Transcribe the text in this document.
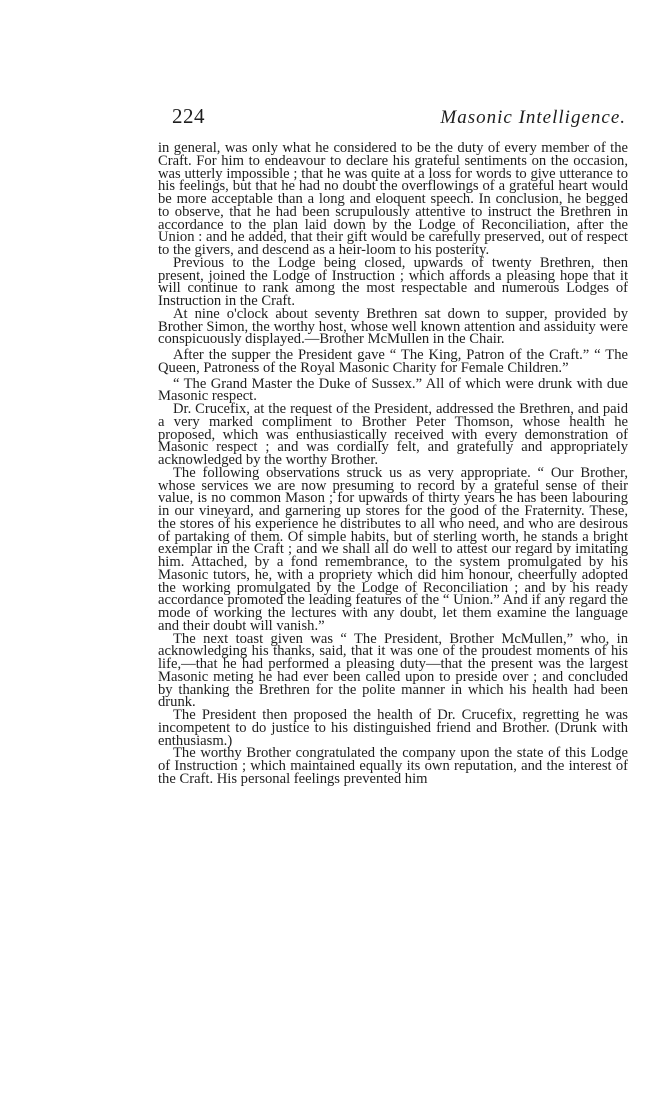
224	Masonic Intelligence.

in general, was only what he considered to be the duty of every member of the Craft. For him to endeavour to declare his grateful sentiments on the occasion, was utterly impossible ; that he was quite at a loss for words to give utterance to his feelings, but that he had no doubt the overflowings of a grateful heart would be more acceptable than a long and eloquent speech. In conclusion, he begged to observe, that he had been scrupulously attentive to instruct the Brethren in accordance to the plan laid down by the Lodge of Reconciliation, after the Union : and he added, that their gift would be carefully preserved, out of respect to the givers, and descend as a heir-loom to his posterity.

Previous to the Lodge being closed, upwards of twenty Brethren, then present, joined the Lodge of Instruction ; which affords a pleasing hope that it will continue to rank among the most respectable and numerous Lodges of Instruction in the Craft.

At nine o'clock about seventy Brethren sat down to supper, provided by Brother Simon, the worthy host, whose well known attention and assiduity were conspicuously displayed.—Brother McMullen in the Chair.

After the supper the President gave “ The King, Patron of the Craft.” “ The Queen, Patroness of the Royal Masonic Charity for Female Children.”

“ The Grand Master the Duke of Sussex.” All of which were drunk with due Masonic respect.

Dr. Crucefix, at the request of the President, addressed the Brethren, and paid a very marked compliment to Brother Peter Thomson, whose health he proposed, which was enthusiastically received with every demonstration of Masonic respect ; and was cordially felt, and gratefully and appropriately acknowledged by the worthy Brother.

The following observations struck us as very appropriate. “ Our Brother, whose services we are now presuming to record by a grateful sense of their value, is no common Mason ; for upwards of thirty years he has been labouring in our vineyard, and garnering up stores for the good of the Fraternity. These, the stores of his experience he distributes to all who need, and who are desirous of partaking of them. Of simple habits, but of sterling worth, he stands a bright exemplar in the Craft ; and we shall all do well to attest our regard by imitating him. Attached, by a fond remembrance, to the system promulgated by his Masonic tutors, he, with a propriety which did him honour, cheerfully adopted the working promulgated by the Lodge of Reconciliation ; and by his ready accordance promoted the leading features of the “ Union.” And if any regard the mode of working the lectures with any doubt, let them examine the language and their doubt will vanish.”

The next toast given was “ The President, Brother McMullen,” who, in acknowledging his thanks, said, that it was one of the proudest moments of his life,—that he had performed a pleasing duty—that the present was the largest Masonic meting he had ever been called upon to preside over ; and concluded by thanking the Brethren for the polite manner in which his health had been drunk.

The President then proposed the health of Dr. Crucefix, regretting he was incompetent to do justice to his distinguished friend and Brother. (Drunk with enthusiasm.)

The worthy Brother congratulated the company upon the state of this Lodge of Instruction ; which maintained equally its own reputation, and the interest of the Craft. His personal feelings prevented him
